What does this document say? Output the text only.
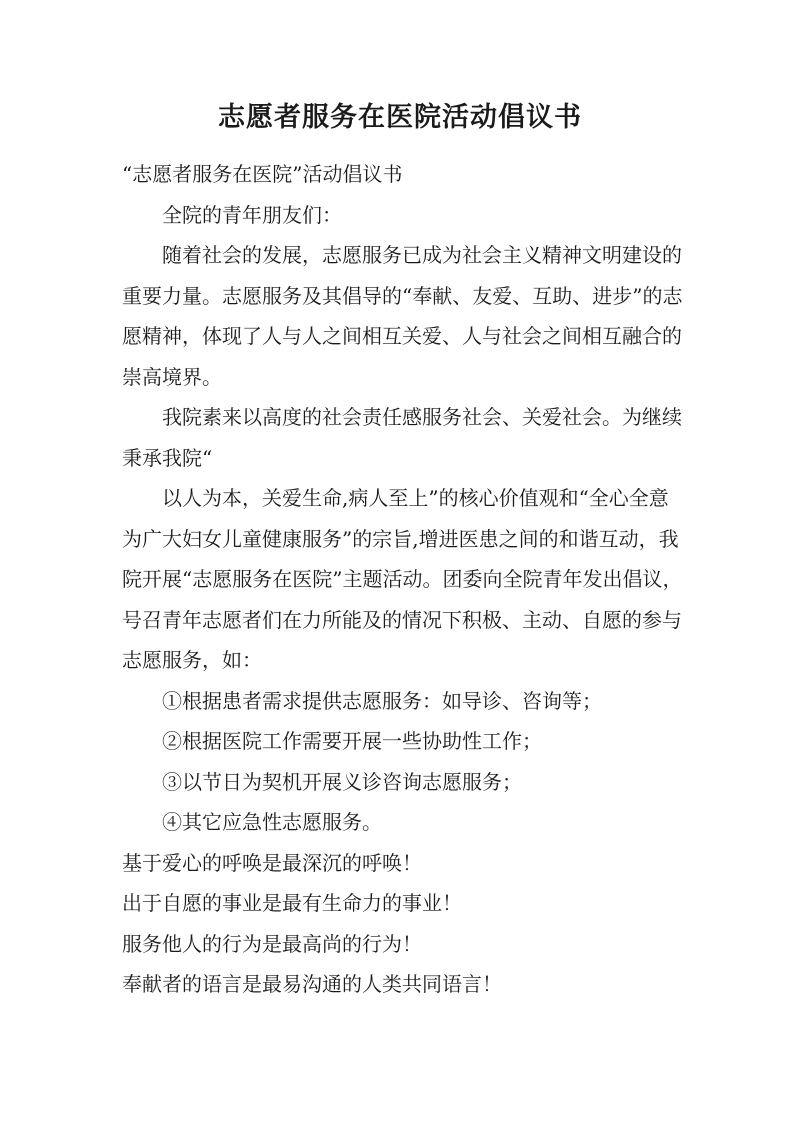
志愿者服务在医院活动倡议书

“志愿者服务在医院”活动倡议书

全院的青年朋友们：

随着社会的发展，志愿服务已成为社会主义精神文明建设的重要力量。志愿服务及其倡导的“奉献、友爱、互助、进步”的志愿精神，体现了人与人之间相互关爱、人与社会之间相互融合的崇高境界。

我院素来以高度的社会责任感服务社会、关爱社会。为继续秉承我院“

以人为本，关爱生命,病人至上”的核心价值观和“全心全意为广大妇女儿童健康服务”的宗旨,增进医患之间的和谐互动，我院开展“志愿服务在医院”主题活动。团委向全院青年发出倡议，号召青年志愿者们在力所能及的情况下积极、主动、自愿的参与志愿服务，如：

①根据患者需求提供志愿服务：如导诊、咨询等；

②根据医院工作需要开展一些协助性工作；

③以节日为契机开展义诊咨询志愿服务；

④其它应急性志愿服务。

基于爱心的呼唤是最深沉的呼唤！

出于自愿的事业是最有生命力的事业！

服务他人的行为是最高尚的行为！

奉献者的语言是最易沟通的人类共同语言！
